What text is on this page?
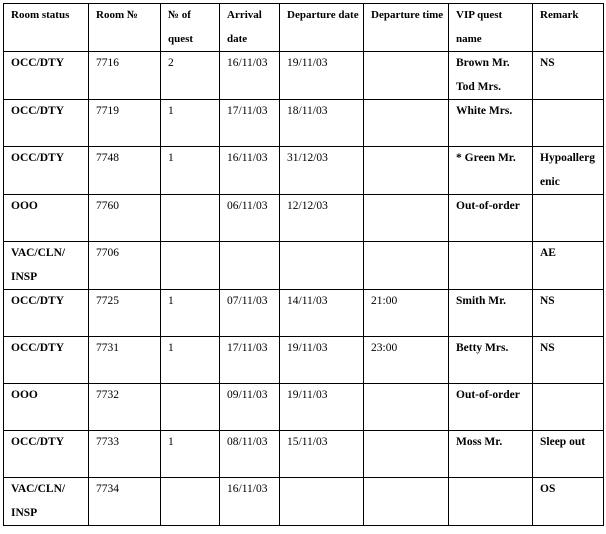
Room status	Room №	№ of quest	Arrival date	Departure date	Departure time	VIP quest name	Remark
OCC/DTY	7716	2	16/11/03	19/11/03		Brown Mr. Tod Mrs.	NS
OCC/DTY	7719	1	17/11/03	18/11/03		White Mrs.	
OCC/DTY	7748	1	16/11/03	31/12/03		* Green Mr.	Hypoallergenic

OOO	7760		06/11/03	12/12/03		Out-of-order	
VAC/CLN/ INSP	7706						AE
OCC/DTY	7725	1	07/11/03	14/11/03	21:00	Smith Mr.	NS
OCC/DTY	7731	1	17/11/03	19/11/03	23:00	Betty Mrs.	NS
OOO	7732		09/11/03	19/11/03		Out-of-order	
OCC/DTY	7733	1	08/11/03	15/11/03		Moss Mr.	Sleep out
VAC/CLN/ INSP	7734		16/11/03				OS
